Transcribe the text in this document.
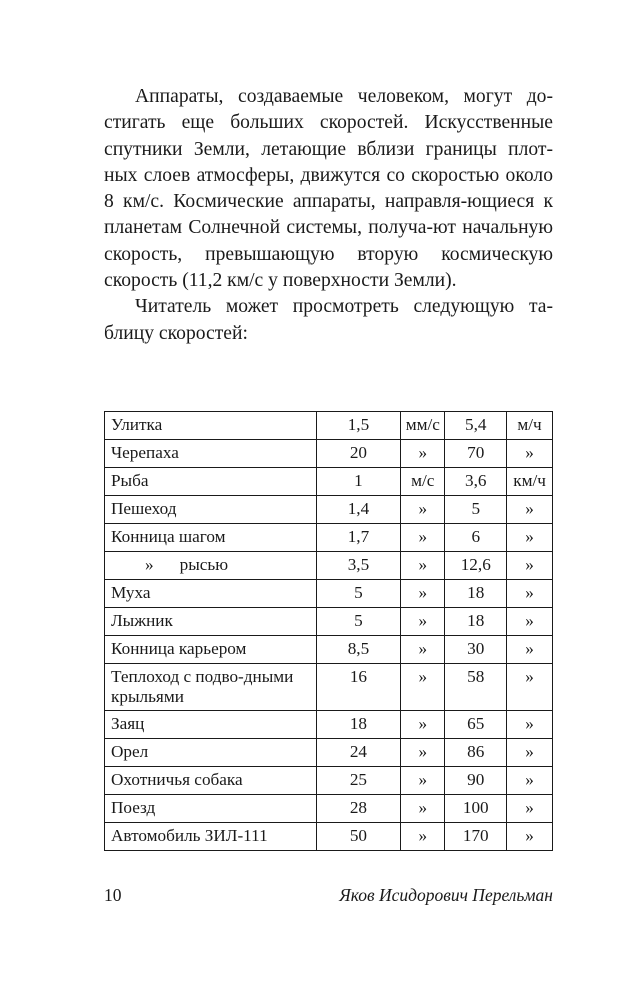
Аппараты, создаваемые человеком, могут до-стигать еще больших скоростей. Искусственные спутники Земли, летающие вблизи границы плот-ных слоев атмосферы, движутся со скоростью около 8 км/с. Космические аппараты, направля-ющиеся к планетам Солнечной системы, получа-ют начальную скорость, превышающую вторую космическую скорость (11,2 км/с у поверхности Земли).

Читатель может просмотреть следующую та-блицу скоростей:

Улитка	1,5	мм/с	5,4	м/ч
Черепаха	20	»	70	»
Рыба	1	м/с	3,6	км/ч
Пешеход	1,4	»	5	»
Конница шагом	1,7	»	6	»
» рысью	3,5	»	12,6	»
Муха	5	»	18	»
Лыжник	5	»	18	»
Конница карьером	8,5	»	30	»
Теплоход с подво-дными крыльями	16	»	58	»
Заяц	18	»	65	»
Орел	24	»	86	»
Охотничья собака	25	»	90	»
Поезд	28	»	100	»
Автомобиль ЗИЛ-111	50	»	170	»
10	Яков Исидорович Перельман
